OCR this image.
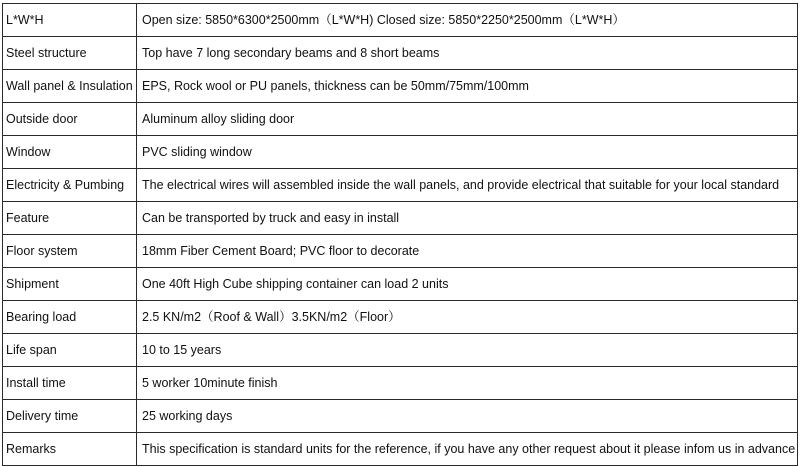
L*W*H	Open size: 5850*6300*2500mm（L*W*H) Closed size: 5850*2250*2500mm（L*W*H）
Steel structure	Top have 7 long secondary beams and 8 short beams
Wall panel & Insulation	EPS, Rock wool or PU panels, thickness can be 50mm/75mm/100mm
Outside door	Aluminum alloy sliding door
Window	PVC sliding window
Electricity & Pumbing	The electrical wires will assembled inside the wall panels, and provide electrical that suitable for your local standard
Feature	Can be transported by truck and easy in install
Floor system	18mm Fiber Cement Board; PVC floor to decorate
Shipment	One 40ft High Cube shipping container can load 2 units
Bearing load	2.5 KN/m2（Roof & Wall）3.5KN/m2（Floor）
Life span	10 to 15 years
Install time	5 worker 10minute finish
Delivery time	25 working days
Remarks	This specification is standard units for the reference, if you have any other request about it please infom us in advance
